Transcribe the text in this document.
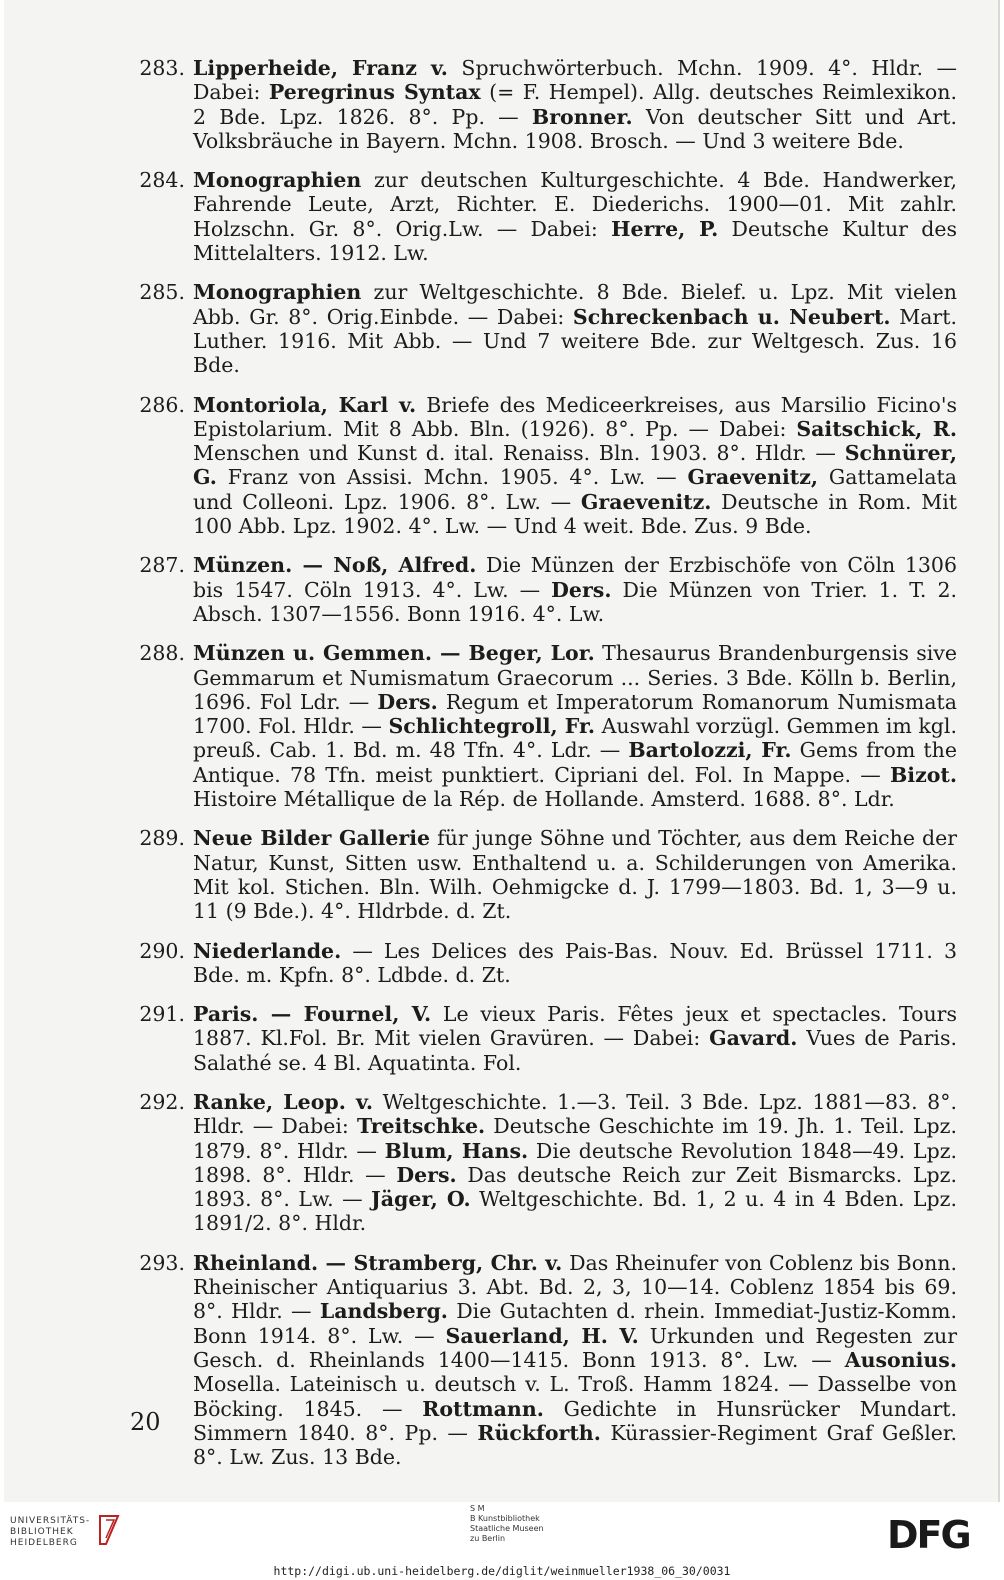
283. Lipperheide, Franz v. Spruchwörterbuch. Mchn. 1909. 4°. Hldr. — Dabei: Peregrinus Syntax (= F. Hempel). Allg. deutsches Reimlexikon. 2 Bde. Lpz. 1826. 8°. Pp. — Bronner. Von deutscher Sitt und Art. Volksbräuche in Bayern. Mchn. 1908. Brosch. — Und 3 weitere Bde.
284. Monographien zur deutschen Kulturgeschichte. 4 Bde. Handwerker, Fahrende Leute, Arzt, Richter. E. Diederichs. 1900—01. Mit zahlr. Holzschn. Gr. 8°. Orig.Lw. — Dabei: Herre, P. Deutsche Kultur des Mittelalters. 1912. Lw.
285. Monographien zur Weltgeschichte. 8 Bde. Bielef. u. Lpz. Mit vielen Abb. Gr. 8°. Orig.Einbde. — Dabei: Schreckenbach u. Neubert. Mart. Luther. 1916. Mit Abb. — Und 7 weitere Bde. zur Weltgesch. Zus. 16 Bde.
286. Montoriola, Karl v. Briefe des Mediceerkreises, aus Marsilio Ficino's Epistolarium. Mit 8 Abb. Bln. (1926). 8°. Pp. — Dabei: Saitschick, R. Menschen und Kunst d. ital. Renaiss. Bln. 1903. 8°. Hldr. — Schnürer, G. Franz von Assisi. Mchn. 1905. 4°. Lw. — Graevenitz, Gattamelata und Colleoni. Lpz. 1906. 8°. Lw. — Graevenitz. Deutsche in Rom. Mit 100 Abb. Lpz. 1902. 4°. Lw. — Und 4 weit. Bde. Zus. 9 Bde.
287. Münzen. — Noß, Alfred. Die Münzen der Erzbischöfe von Cöln 1306 bis 1547. Cöln 1913. 4°. Lw. — Ders. Die Münzen von Trier. 1. T. 2. Absch. 1307—1556. Bonn 1916. 4°. Lw.
288. Münzen u. Gemmen. — Beger, Lor. Thesaurus Brandenburgensis sive Gemmarum et Numismatum Graecorum ... Series. 3 Bde. Kölln b. Berlin, 1696. Fol Ldr. — Ders. Regum et Imperatorum Romanorum Numismata 1700. Fol. Hldr. — Schlichtegroll, Fr. Auswahl vorzügl. Gemmen im kgl. preuß. Cab. 1. Bd. m. 48 Tfn. 4°. Ldr. — Bartolozzi, Fr. Gems from the Antique. 78 Tfn. meist punktiert. Cipriani del. Fol. In Mappe. — Bizot. Histoire Métallique de la Rép. de Hollande. Amsterd. 1688. 8°. Ldr.
289. Neue Bilder Gallerie für junge Söhne und Töchter, aus dem Reiche der Natur, Kunst, Sitten usw. Enthaltend u. a. Schilderungen von Amerika. Mit kol. Stichen. Bln. Wilh. Oehmigcke d. J. 1799—1803. Bd. 1, 3—9 u. 11 (9 Bde.). 4°. Hldrbde. d. Zt.
290. Niederlande. — Les Delices des Pais-Bas. Nouv. Ed. Brüssel 1711. 3 Bde. m. Kpfn. 8°. Ldbde. d. Zt.
291. Paris. — Fournel, V. Le vieux Paris. Fêtes jeux et spectacles. Tours 1887. Kl.Fol. Br. Mit vielen Gravüren. — Dabei: Gavard. Vues de Paris. Salathé se. 4 Bl. Aquatinta. Fol.
292. Ranke, Leop. v. Weltgeschichte. 1.—3. Teil. 3 Bde. Lpz. 1881—83. 8°. Hldr. — Dabei: Treitschke. Deutsche Geschichte im 19. Jh. 1. Teil. Lpz. 1879. 8°. Hldr. — Blum, Hans. Die deutsche Revolution 1848—49. Lpz. 1898. 8°. Hldr. — Ders. Das deutsche Reich zur Zeit Bismarcks. Lpz. 1893. 8°. Lw. — Jäger, O. Weltgeschichte. Bd. 1, 2 u. 4 in 4 Bden. Lpz. 1891/2. 8°. Hldr.
293. Rheinland. — Stramberg, Chr. v. Das Rheinufer von Coblenz bis Bonn. Rheinischer Antiquarius 3. Abt. Bd. 2, 3, 10—14. Coblenz 1854 bis 69. 8°. Hldr. — Landsberg. Die Gutachten d. rhein. Immediat-Justiz-Komm. Bonn 1914. 8°. Lw. — Sauerland, H. V. Urkunden und Regesten zur Gesch. d. Rheinlands 1400—1415. Bonn 1913. 8°. Lw. — Ausonius. Mosella. Lateinisch u. deutsch v. L. Troß. Hamm 1824. — Dasselbe von Böcking. 1845. — Rottmann. Gedichte in Hunsrücker Mundart. Simmern 1840. 8°. Pp. — Rückforth. Kürassier-Regiment Graf Geßler. 8°. Lw. Zus. 13 Bde.
20
UNIVERSITÄTS-
BIBLIOTHEK
HEIDELBERG
S M
B Kunstbibliothek
Staatliche Museen
zu Berlin	DFG
http://digi.ub.uni-heidelberg.de/diglit/weinmueller1938_06_30/0031
